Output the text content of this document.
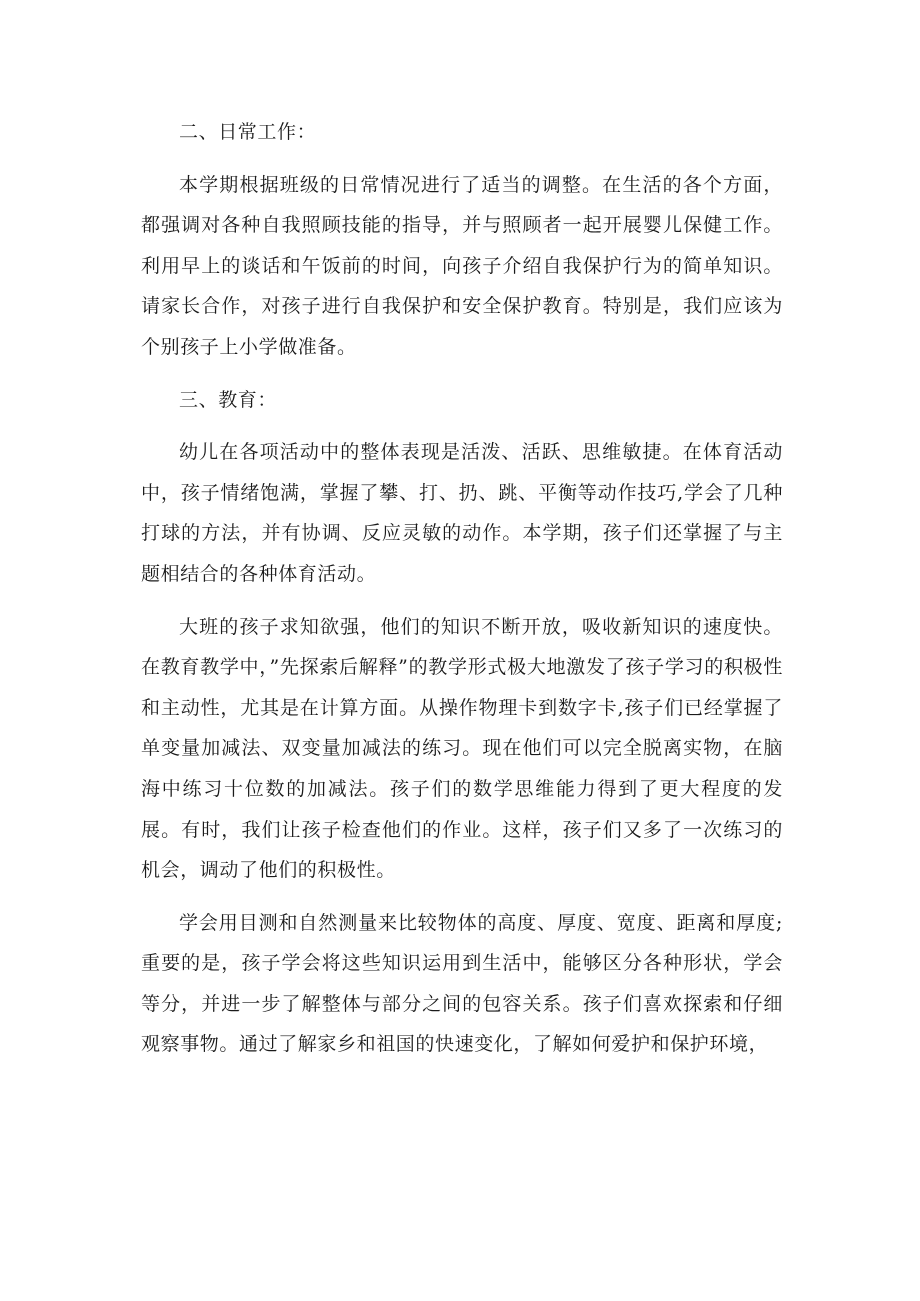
二、日常工作：

本学期根据班级的日常情况进行了适当的调整。在生活的各个方面，都强调对各种自我照顾技能的指导，并与照顾者一起开展婴儿保健工作。利用早上的谈话和午饭前的时间，向孩子介绍自我保护行为的简单知识。请家长合作，对孩子进行自我保护和安全保护教育。特别是，我们应该为个别孩子上小学做准备。

三、教育：

幼儿在各项活动中的整体表现是活泼、活跃、思维敏捷。在体育活动中，孩子情绪饱满，掌握了攀、打、扔、跳、平衡等动作技巧,学会了几种打球的方法，并有协调、反应灵敏的动作。本学期，孩子们还掌握了与主题相结合的各种体育活动。

大班的孩子求知欲强，他们的知识不断开放，吸收新知识的速度快。在教育教学中，”先探索后解释”的教学形式极大地激发了孩子学习的积极性和主动性，尤其是在计算方面。从操作物理卡到数字卡,孩子们已经掌握了单变量加减法、双变量加减法的练习。现在他们可以完全脱离实物，在脑海中练习十位数的加减法。孩子们的数学思维能力得到了更大程度的发展。有时，我们让孩子检查他们的作业。这样，孩子们又多了一次练习的机会，调动了他们的积极性。

学会用目测和自然测量来比较物体的高度、厚度、宽度、距离和厚度;重要的是，孩子学会将这些知识运用到生活中，能够区分各种形状，学会等分，并进一步了解整体与部分之间的包容关系。孩子们喜欢探索和仔细观察事物。通过了解家乡和祖国的快速变化，了解如何爱护和保护环境，
